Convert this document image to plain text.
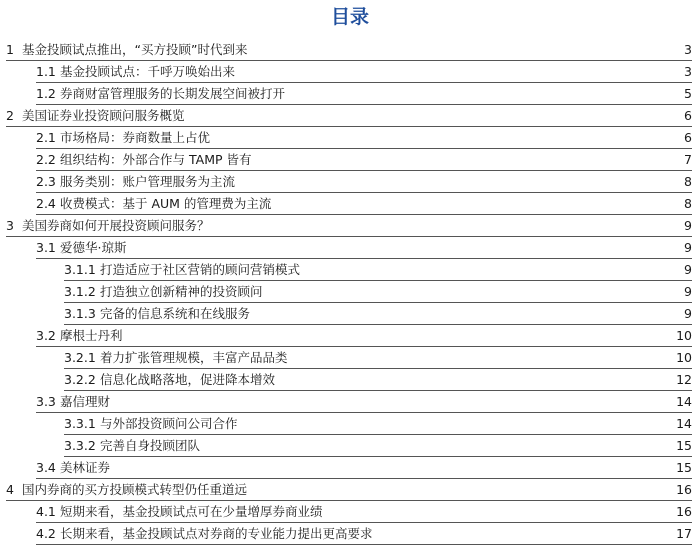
目录
1 基金投顾试点推出，“买方投顾”时代到来	3
1.1 基金投顾试点：千呼万唤始出来	3
1.2 券商财富管理服务的长期发展空间被打开	5
2 美国证券业投资顾问服务概览	6
2.1 市场格局：券商数量上占优	6
2.2 组织结构：外部合作与 TAMP 皆有	7
2.3 服务类别：账户管理服务为主流	8
2.4 收费模式：基于 AUM 的管理费为主流	8
3 美国券商如何开展投资顾问服务？	9
3.1 爱德华·琼斯	9
3.1.1 打造适应于社区营销的顾问营销模式	9
3.1.2 打造独立创新精神的投资顾问	9
3.1.3 完备的信息系统和在线服务	9
3.2 摩根士丹利	10
3.2.1 着力扩张管理规模，丰富产品品类	10
3.2.2 信息化战略落地，促进降本增效	12
3.3 嘉信理财	14
3.3.1 与外部投资顾问公司合作	14
3.3.2 完善自身投顾团队	15
3.4 美林证券	15
4 国内券商的买方投顾模式转型仍任重道远	16
4.1 短期来看，基金投顾试点可在少量增厚券商业绩	16
4.2 长期来看，基金投顾试点对券商的专业能力提出更高要求	17
